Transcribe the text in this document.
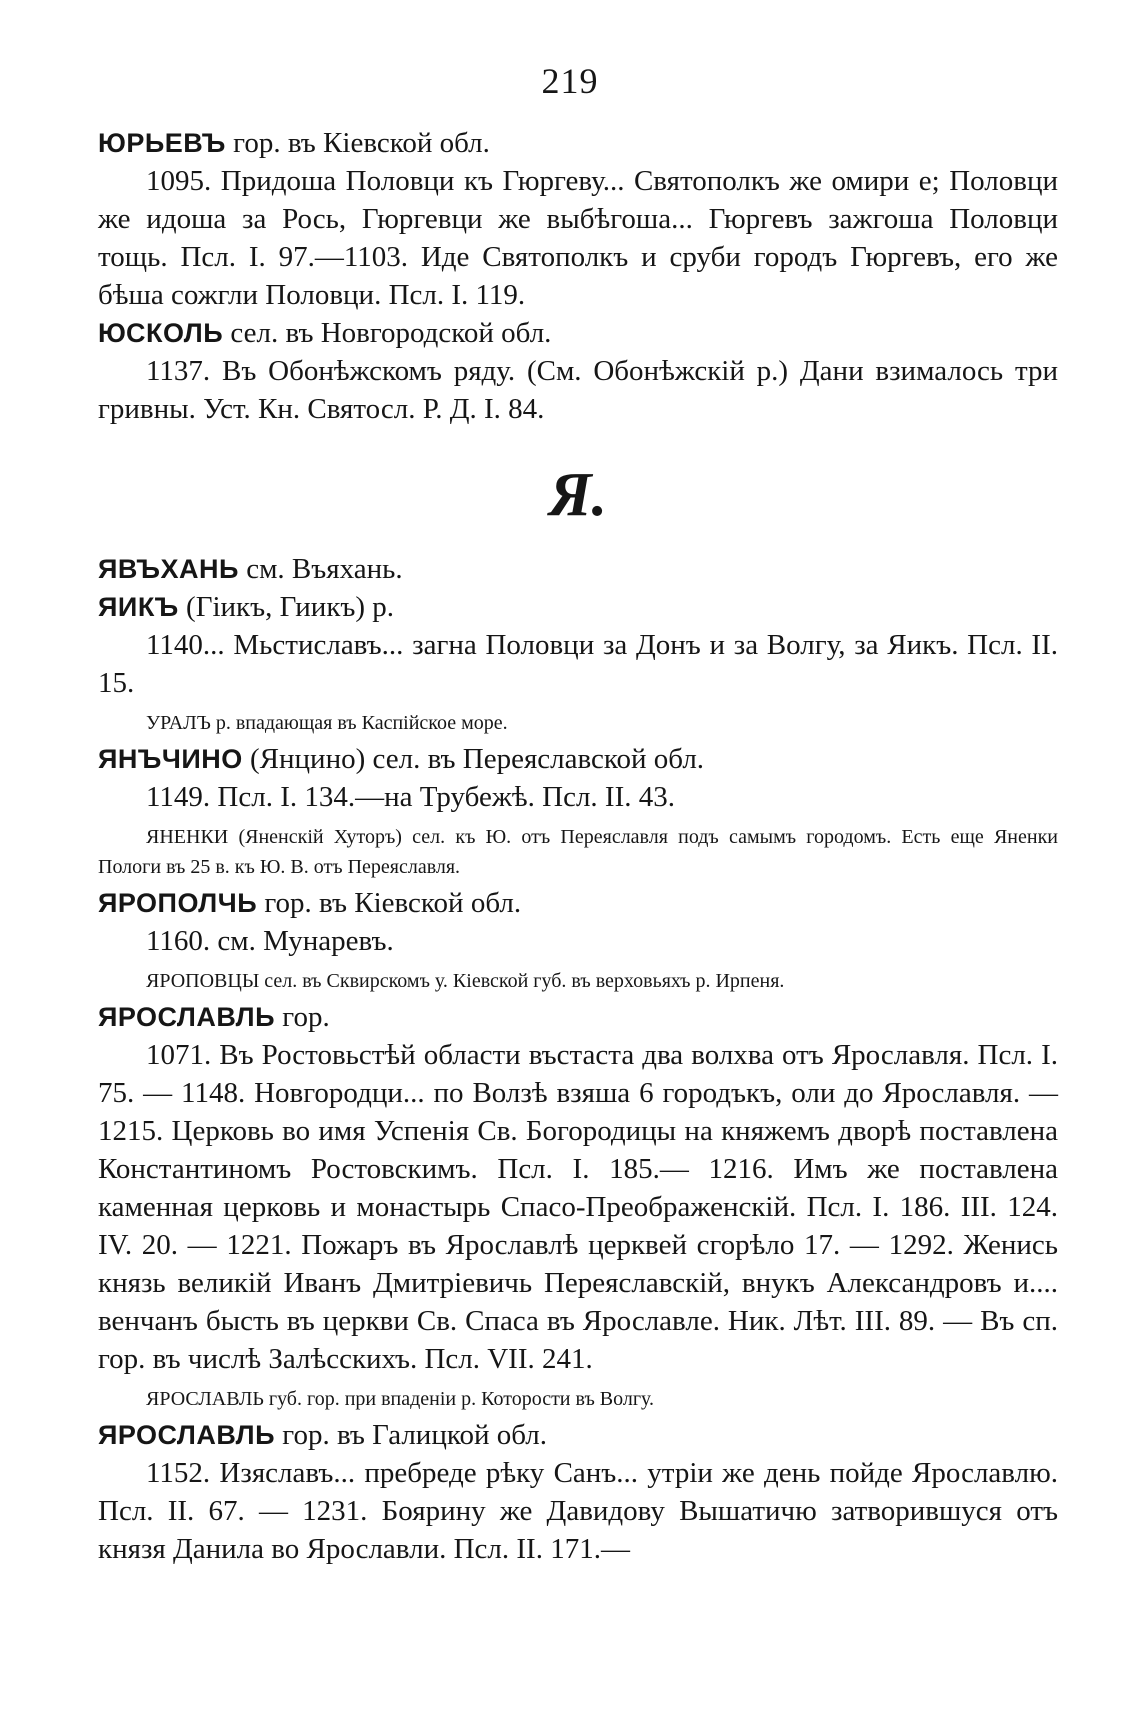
219
ЮРЬЕВЪ гор. въ Кіевской обл.

1095. Придоша Половци къ Гюргеву... Святополкъ же омири е; Половци же идоша за Рось, Гюргевци же выбѣгоша... Гюргевъ зажгоша Половци тощь. Псл. I. 97.—1103. Иде Святополкъ и сруби городъ Гюргевъ, его же бѣша сожгли Половци. Псл. I. 119.

ЮСКОЛЬ сел. въ Новгородской обл.

1137. Въ Обонѣжскомъ ряду. (См. Обонѣжскій р.) Дани взималось три гривны. Уст. Кн. Святосл. Р. Д. I. 84.

Я.
ЯВЪХАНЬ см. Въяхань.
ЯИКЪ (Гіикъ, Гиикъ) р.

1140... Мьстиславъ... загна Половци за Донъ и за Волгу, за Яикъ. Псл. II. 15.

УРАЛЪ р. впадающая въ Каспійское море.

ЯНЪЧИНО (Янцино) сел. въ Переяславской обл.

1149. Псл. I. 134.—на Трубежѣ. Псл. II. 43.

ЯНЕНКИ (Яненскій Хуторъ) сел. къ Ю. отъ Переяславля подъ самымъ городомъ. Есть еще Яненки Пологи въ 25 в. къ Ю. В. отъ Переяславля.

ЯРОПОЛЧЬ гор. въ Кіевской обл.

1160. см. Мунаревъ.

ЯРОПОВЦЫ сел. въ Сквирскомъ у. Кіевской губ. въ верховьяхъ р. Ирпеня.

ЯРОСЛАВЛЬ гор.

1071. Въ Ростовьстѣй области въстаста два волхва отъ Ярославля. Псл. I. 75. — 1148. Новгородци... по Волзѣ взяша 6 городъкъ, оли до Ярославля. — 1215. Церковь во имя Успенія Св. Богородицы на княжемъ дворѣ поставлена Константиномъ Ростовскимъ. Псл. I. 185.— 1216. Имъ же поставлена каменная церковь и монастырь Спасо-Преображенскій. Псл. I. 186. III. 124. IV. 20. — 1221. Пожаръ въ Ярославлѣ церквей сгорѣло 17. — 1292. Женись князь великій Иванъ Дмитріевичь Переяславскій, внукъ Александровъ и.... венчанъ бысть въ церкви Св. Спаса въ Ярославле. Ник. Лѣт. III. 89. — Въ сп. гор. въ числѣ Залѣсскихъ. Псл. VII. 241.

ЯРОСЛАВЛЬ губ. гор. при впаденіи р. Которости въ Волгу.

ЯРОСЛАВЛЬ гор. въ Галицкой обл.

1152. Изяславъ... пребреде рѣку Санъ... утріи же день пойде Ярославлю. Псл. II. 67. — 1231. Боярину же Давидову Вышатичю затворившуся отъ князя Данила во Ярославли. Псл. II. 171.—
